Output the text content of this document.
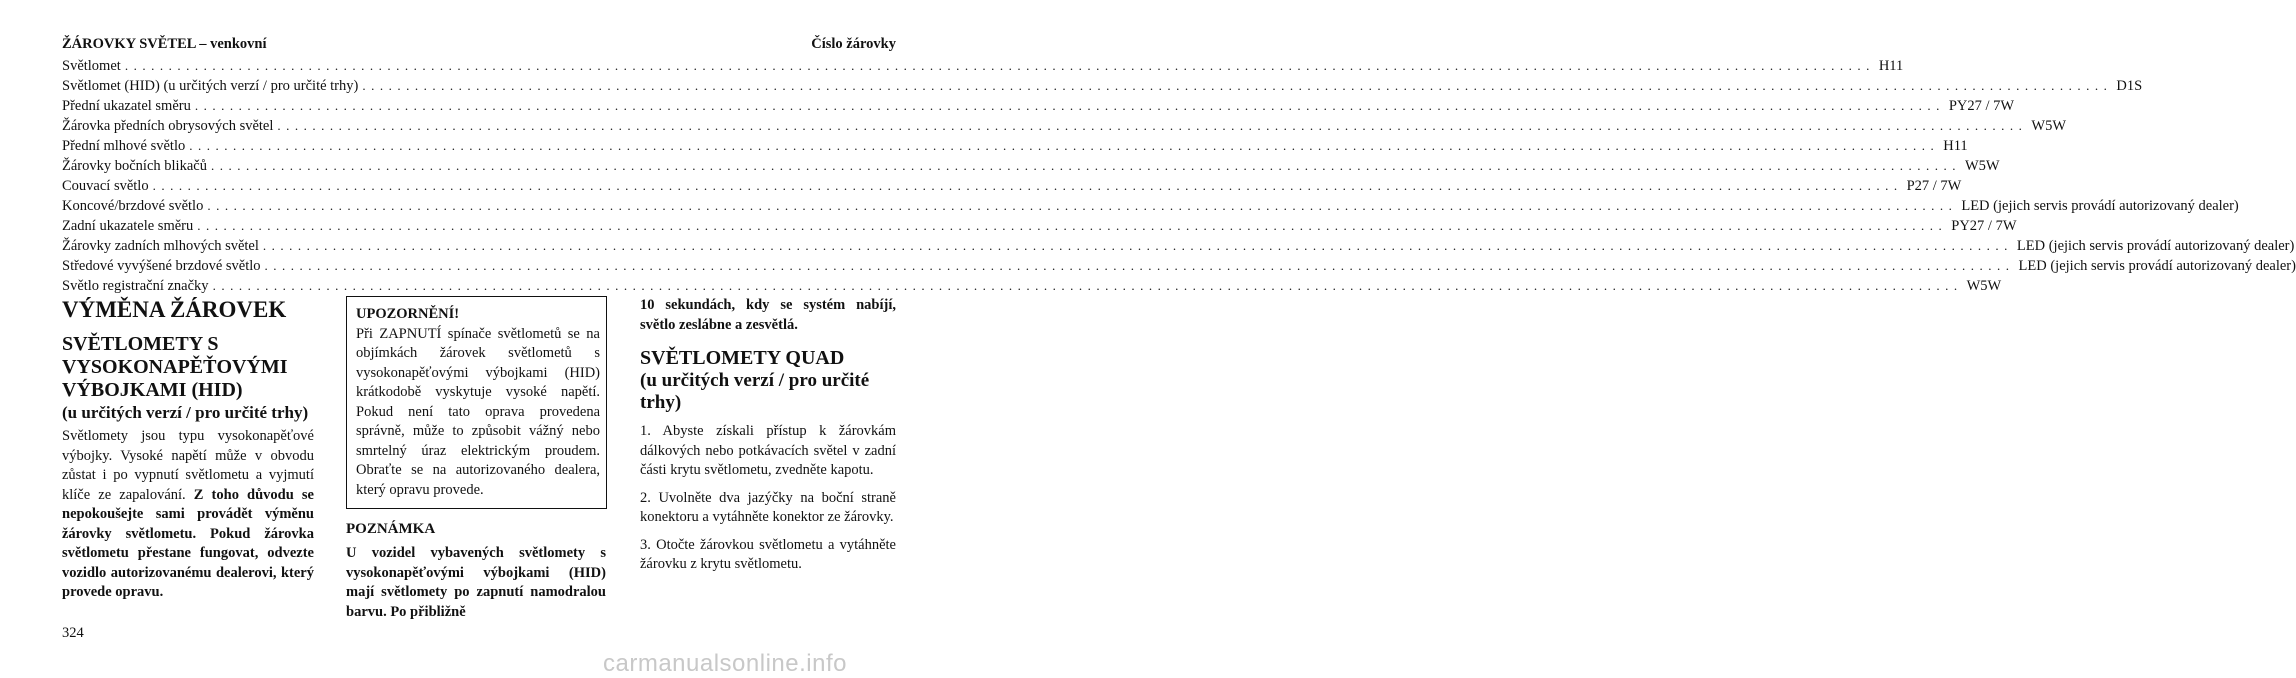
ŽÁROVKY SVĚTEL – venkovní	Číslo žárovky
Světlomet ........................................................................................................................................................................................................ H11
Světlomet (HID) (u určitých verzí / pro určité trhy) ........................................................................................................................................................................................................ D1S
Přední ukazatel směru ........................................................................................................................................................................................................ PY27 / 7W
Žárovka předních obrysových světel ........................................................................................................................................................................................................ W5W
Přední mlhové světlo ........................................................................................................................................................................................................ H11
Žárovky bočních blikačů ........................................................................................................................................................................................................ W5W
Couvací světlo ........................................................................................................................................................................................................ P27 / 7W
Koncové/brzdové světlo ........................................................................................................................................................................................................ LED (jejich servis provádí autorizovaný dealer)
Zadní ukazatele směru ........................................................................................................................................................................................................ PY27 / 7W
Žárovky zadních mlhových světel ........................................................................................................................................................................................................ LED (jejich servis provádí autorizovaný dealer)
Středové vyvýšené brzdové světlo ........................................................................................................................................................................................................ LED (jejich servis provádí autorizovaný dealer)
Světlo registrační značky ........................................................................................................................................................................................................ W5W
VÝMĚNA ŽÁROVEK
SVĚTLOMETY S VYSOKONAPĚŤOVÝMI VÝBOJKAMI (HID)
(u určitých verzí / pro určité trhy)

Světlomety jsou typu vysokonapěťové výbojky. Vysoké napětí může v obvodu zůstat i po vypnutí světlometu a vyjmutí klíče ze zapalování. Z toho důvodu se nepokoušejte sami provádět výměnu žárovky světlometu. Pokud žárovka světlometu přestane fungovat, odvezte vozidlo autorizovanému dealerovi, který provede opravu.

UPOZORNĚNÍ!

Při ZAPNUTÍ spínače světlometů se na objímkách žárovek světlometů s vysokonapěťovými výbojkami (HID) krátkodobě vyskytuje vysoké napětí. Pokud není tato oprava provedena správně, může to způsobit vážný nebo smrtelný úraz elektrickým proudem. Obraťte se na autorizovaného dealera, který opravu provede.

POZNÁMKA

U vozidel vybavených světlomety s vysokonapěťovými výbojkami (HID) mají světlomety po zapnutí namodralou barvu. Po přibližně

10 sekundách, kdy se systém nabíjí, světlo zeslábne a zesvětlá.

SVĚTLOMETY QUAD
(u určitých verzí / pro určité trhy)

1. Abyste získali přístup k žárovkám dálkových nebo potkávacích světel v zadní části krytu světlometu, zvedněte kapotu.

2. Uvolněte dva jazýčky na boční straně konektoru a vytáhněte konektor ze žárovky.

3. Otočte žárovkou světlometu a vytáhněte žárovku z krytu světlometu.

324
carmanualsonline.info
